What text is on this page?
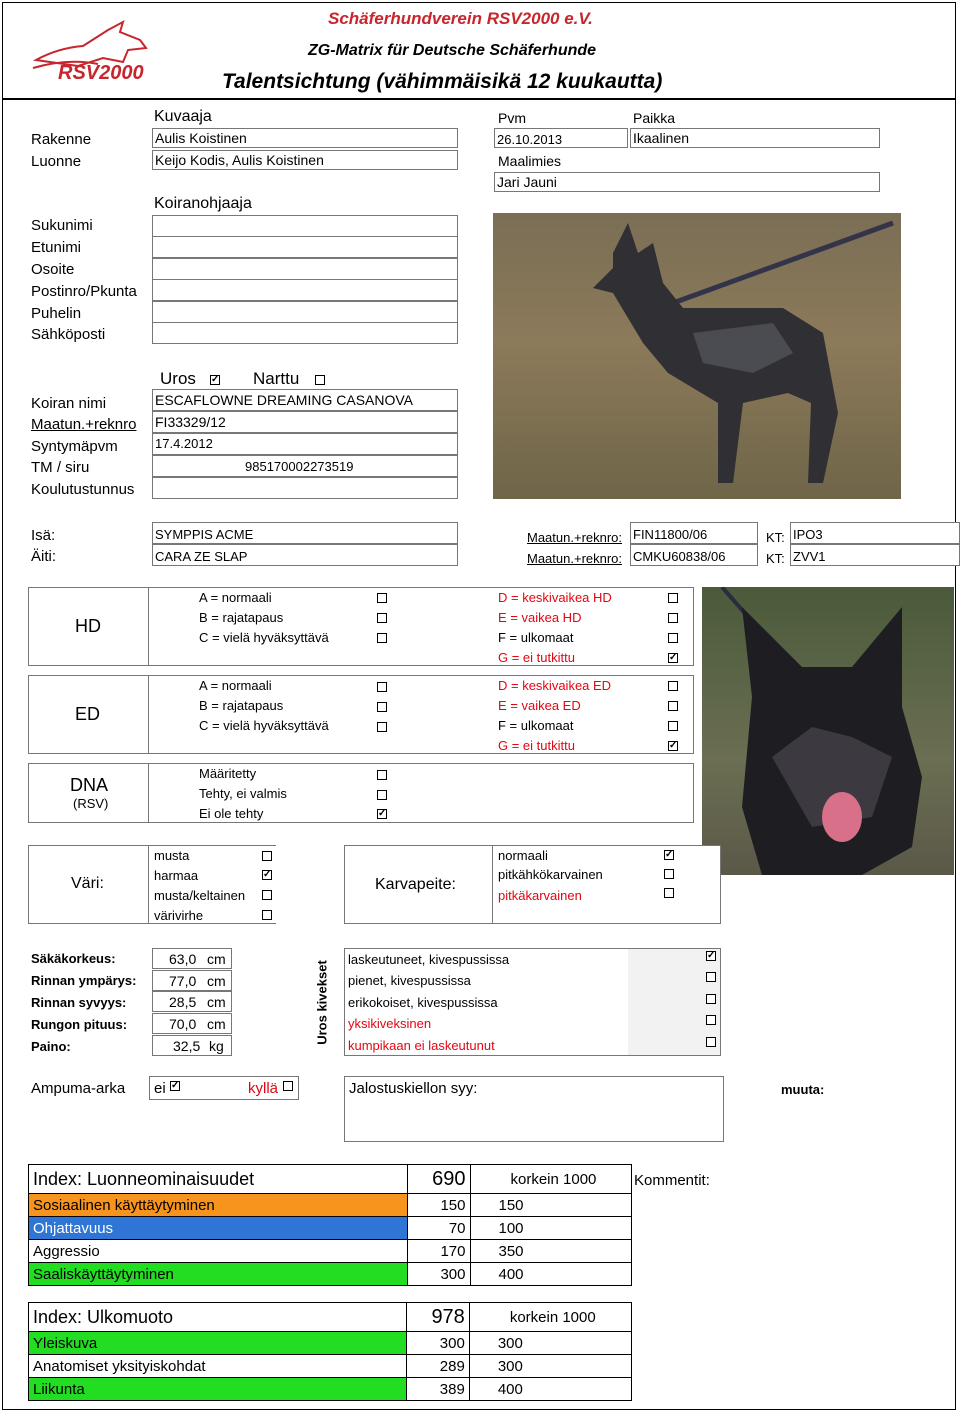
RSV2000
Schäferhundverein RSV2000 e.V.
ZG-Matrix für Deutsche Schäferhunde
Talentsichtung (vähimmäisikä 12 kuukautta)
Kuvaaja	Pvm	Paikka
Rakenne	Aulis Koistinen	26.10.2013	Ikaalinen
Luonne	Keijo Kodis, Aulis Koistinen	Maalimies
Jari Jauni
Koiranohjaaja
Sukunimi
Etunimi
Osoite
Postinro/Pkunta
Puhelin
Sähköposti
Uros ✓ Narttu
Koiran nimi	ESCAFLOWNE DREAMING CASANOVA
Maatun.+reknro FI33329/12
Syntymäpvm	17.4.2012
TM / siru	985170002273519
Koulutustunnus
Isä:	SYMPPIS ACME	Maatun.+reknro: FIN11800/06	KT: IPO3
Äiti:	CARA ZE SLAP	Maatun.+reknro: CMKU60838/06	KT: ZVV1
HD
A = normaali
B = rajatapaus
C = vielä hyväksyttävä
D = keskivaikea HD
E = vaikea HD
F = ulkomaat
G = ei tutkittu	✓
ED
A = normaali
B = rajatapaus
C = vielä hyväksyttävä
D = keskivaikea ED
E = vaikea ED
F = ulkomaat
G = ei tutkittu	✓
DNA
(RSV)
Määritetty
Tehty, ei valmis
Ei ole tehty	✓
Väri:
musta
harmaa	✓
musta/keltainen
värivirhe
Karvapeite:
normaali	✓
pitkähkökarvainen
pitkäkarvainen
Säkäkorkeus:	63,0 cm
Rinnan ympärys: 77,0 cm
Rinnan syvyys:	28,5 cm
Rungon pituus:	70,0 cm
Paino:	32,5 kg
Uros kivekset
laskeutuneet, kivespussissa	✓
pienet, kivespussissa
erikokoiset, kivespussissa
yksikiveksinen
kumpikaan ei laskeutunut
Ampuma-arka ei ✓	kyllä	Jalostuskiellon syy:	muuta:
Index: Luonneominaisuudet	690	korkein 1000
Sosiaalinen käyttäytyminen	150	150
Ohjattavuus	70	100
Aggressio	170	350
Saaliskäyttäytyminen	300	400
Kommentit:
Index: Ulkomuoto	978	korkein 1000
Yleiskuva	300	300
Anatomiset yksityiskohdat	289	300
Liikunta	389	400
